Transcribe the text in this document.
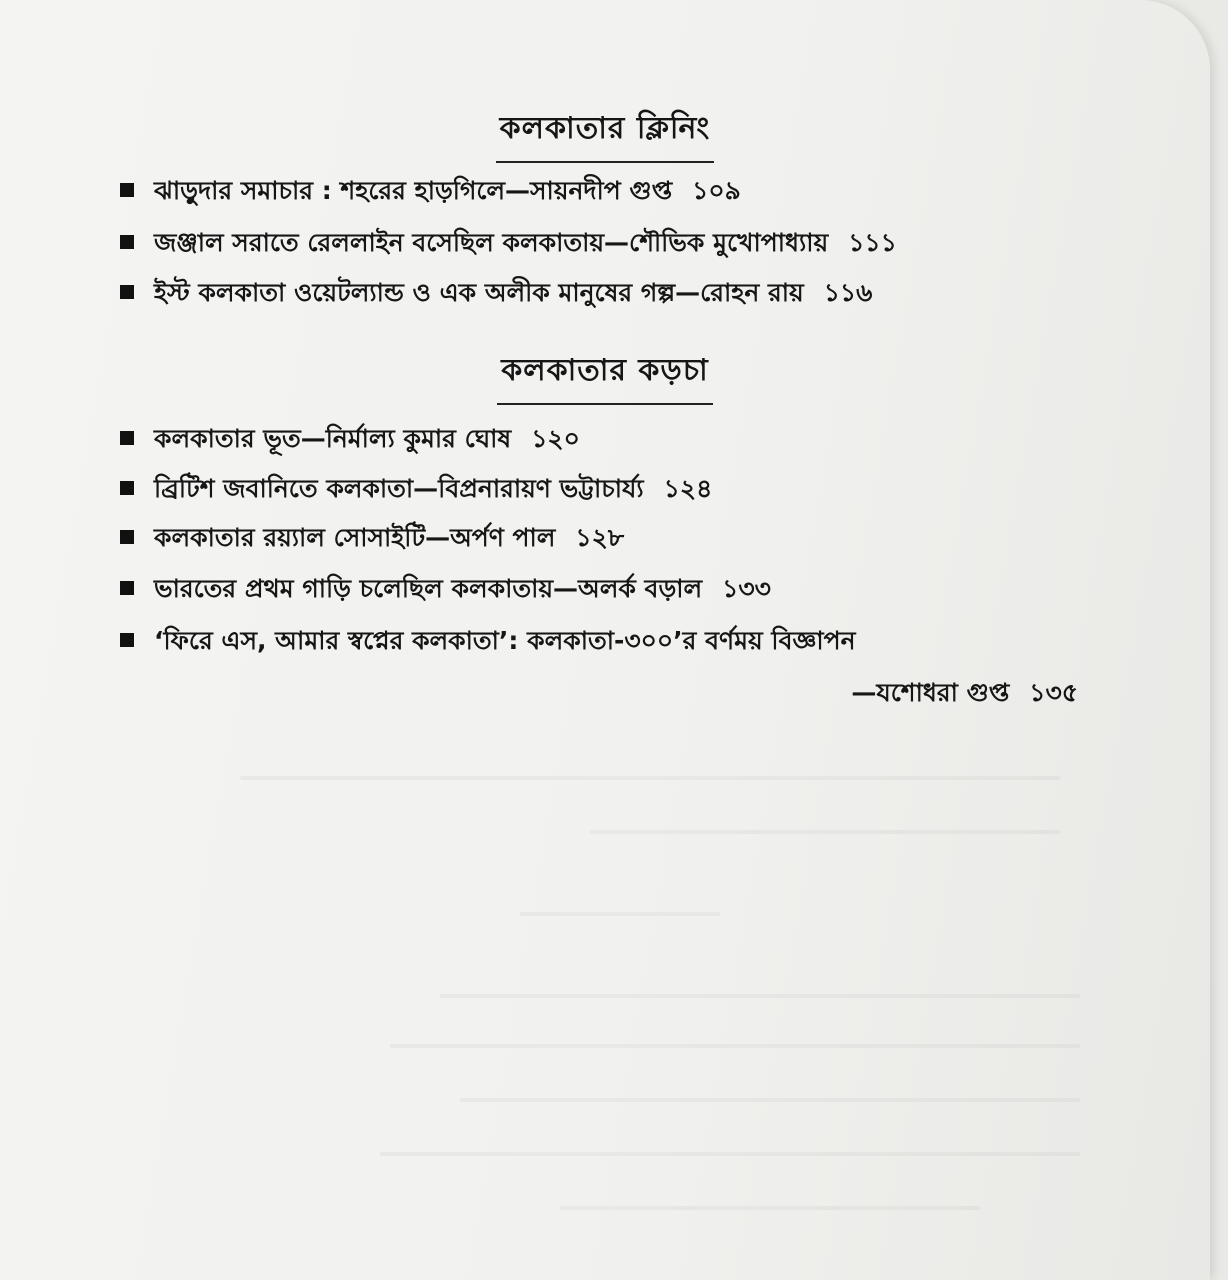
কলকাতার ক্লিনিং
ঝাড়ুদার সমাচার : শহরের হাড়গিলে—সায়নদীপ গুপ্ত ১০৯
জঞ্জাল সরাতে রেললাইন বসেছিল কলকাতায়—শৌভিক মুখোপাধ্যায় ১১১
ইস্ট কলকাতা ওয়েটল্যান্ড ও এক অলীক মানুষের গল্প—রোহন রায় ১১৬
কলকাতার কড়চা
কলকাতার ভূত—নির্মাল্য কুমার ঘোষ ১২০
ব্রিটিশ জবানিতে কলকাতা—বিপ্রনারায়ণ ভট্টাচার্য্য ১২৪
কলকাতার রয়্যাল সোসাইটি—অর্পণ পাল ১২৮
ভারতের প্রথম গাড়ি চলেছিল কলকাতায়—অলর্ক বড়াল ১৩৩
‘ফিরে এস, আমার স্বপ্নের কলকাতা’: কলকাতা-৩০০’র বর্ণময় বিজ্ঞাপন
—যশোধরা গুপ্ত ১৩৫
